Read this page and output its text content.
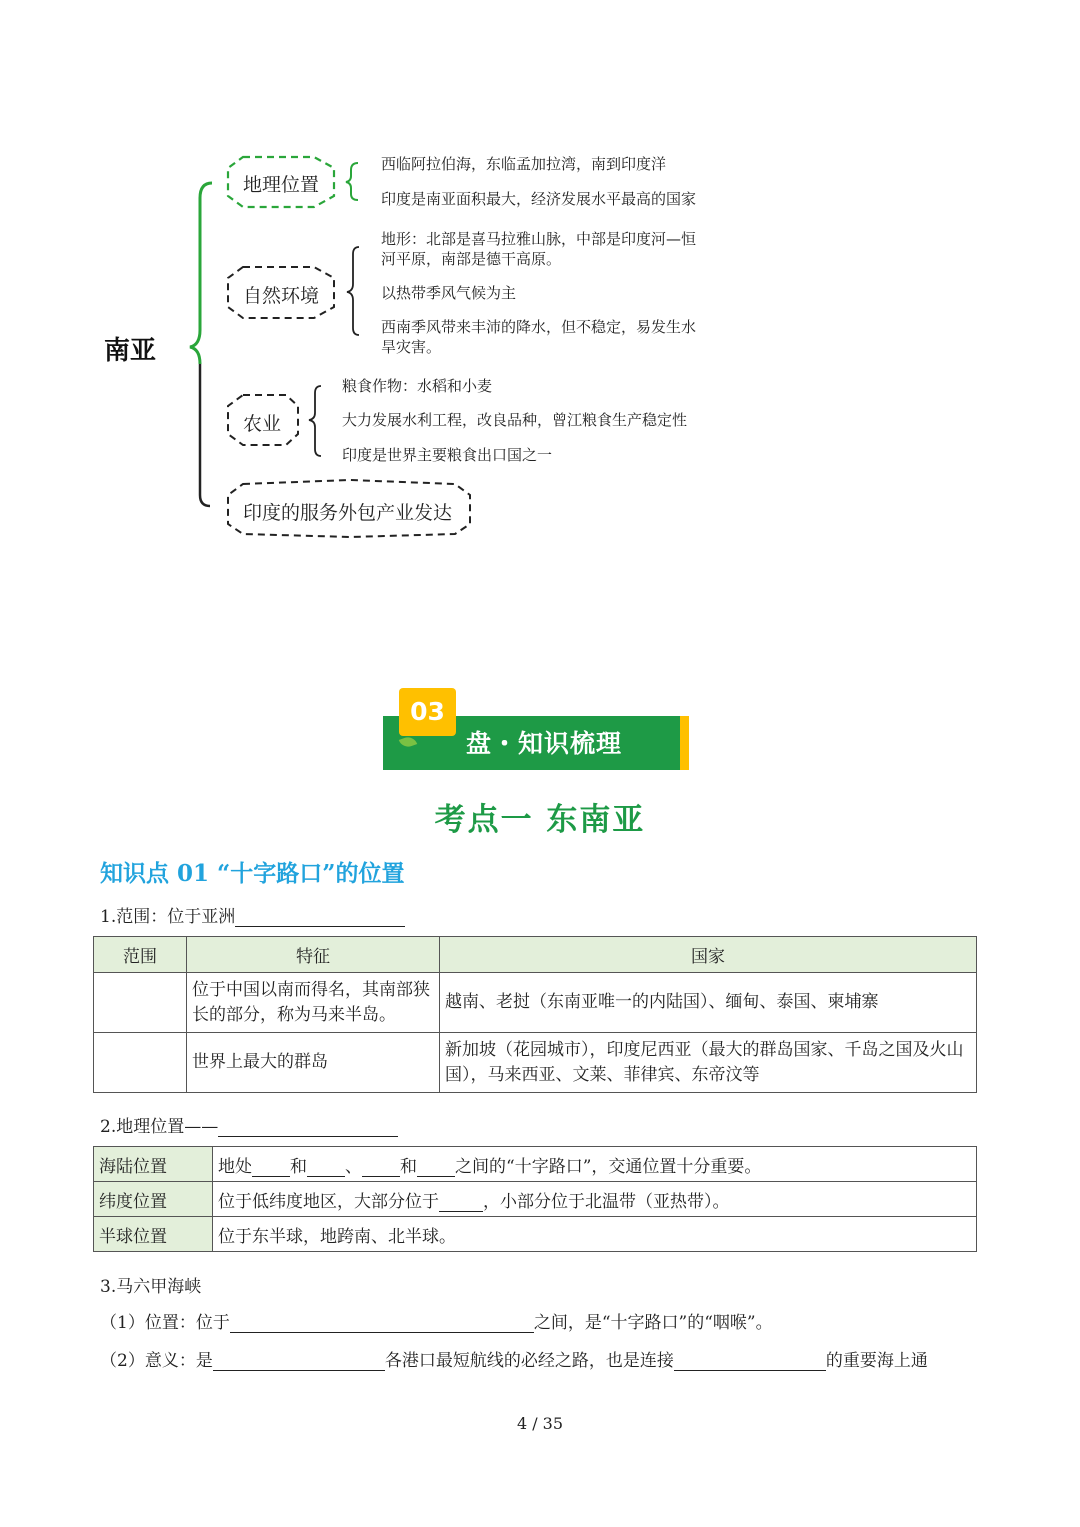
南亚
地理位置
自然环境
农业
印度的服务外包产业发达
西临阿拉伯海，东临孟加拉湾，南到印度洋
印度是南亚面积最大，经济发展水平最高的国家
地形：北部是喜马拉雅山脉，中部是印度河—恒
河平原，南部是德干高原。
以热带季风气候为主
西南季风带来丰沛的降水，但不稳定，易发生水
旱灾害。
粮食作物：水稻和小麦
大力发展水利工程，改良品种，曾江粮食生产稳定性
印度是世界主要粮食出口国之一
03
盘・知识梳理
考点一 东南亚
知识点 01 “十字路口”的位置
1.范围：位于亚洲
范围	特征	国家
	位于中国以南而得名，其南部狭长的部分，称为马来半岛。	越南、老挝（东南亚唯一的内陆国）、缅甸、泰国、柬埔寨
	世界上最大的群岛	新加坡（花园城市），印度尼西亚（最大的群岛国家、千岛之国及火山国），马来西亚、文莱、菲律宾、东帝汶等
2.地理位置——
海陆位置	地处 和 、 和 之间的“十字路口”，交通位置十分重要。
纬度位置	位于低纬度地区，大部分位于 ，小部分位于北温带（亚热带）。
半球位置	位于东半球，地跨南、北半球。
3.马六甲海峡
（1）位置：位于	之间，是“十字路口”的“咽喉”。
（2）意义：是	各港口最短航线的必经之路，也是连接	的重要海上通
4 / 35
